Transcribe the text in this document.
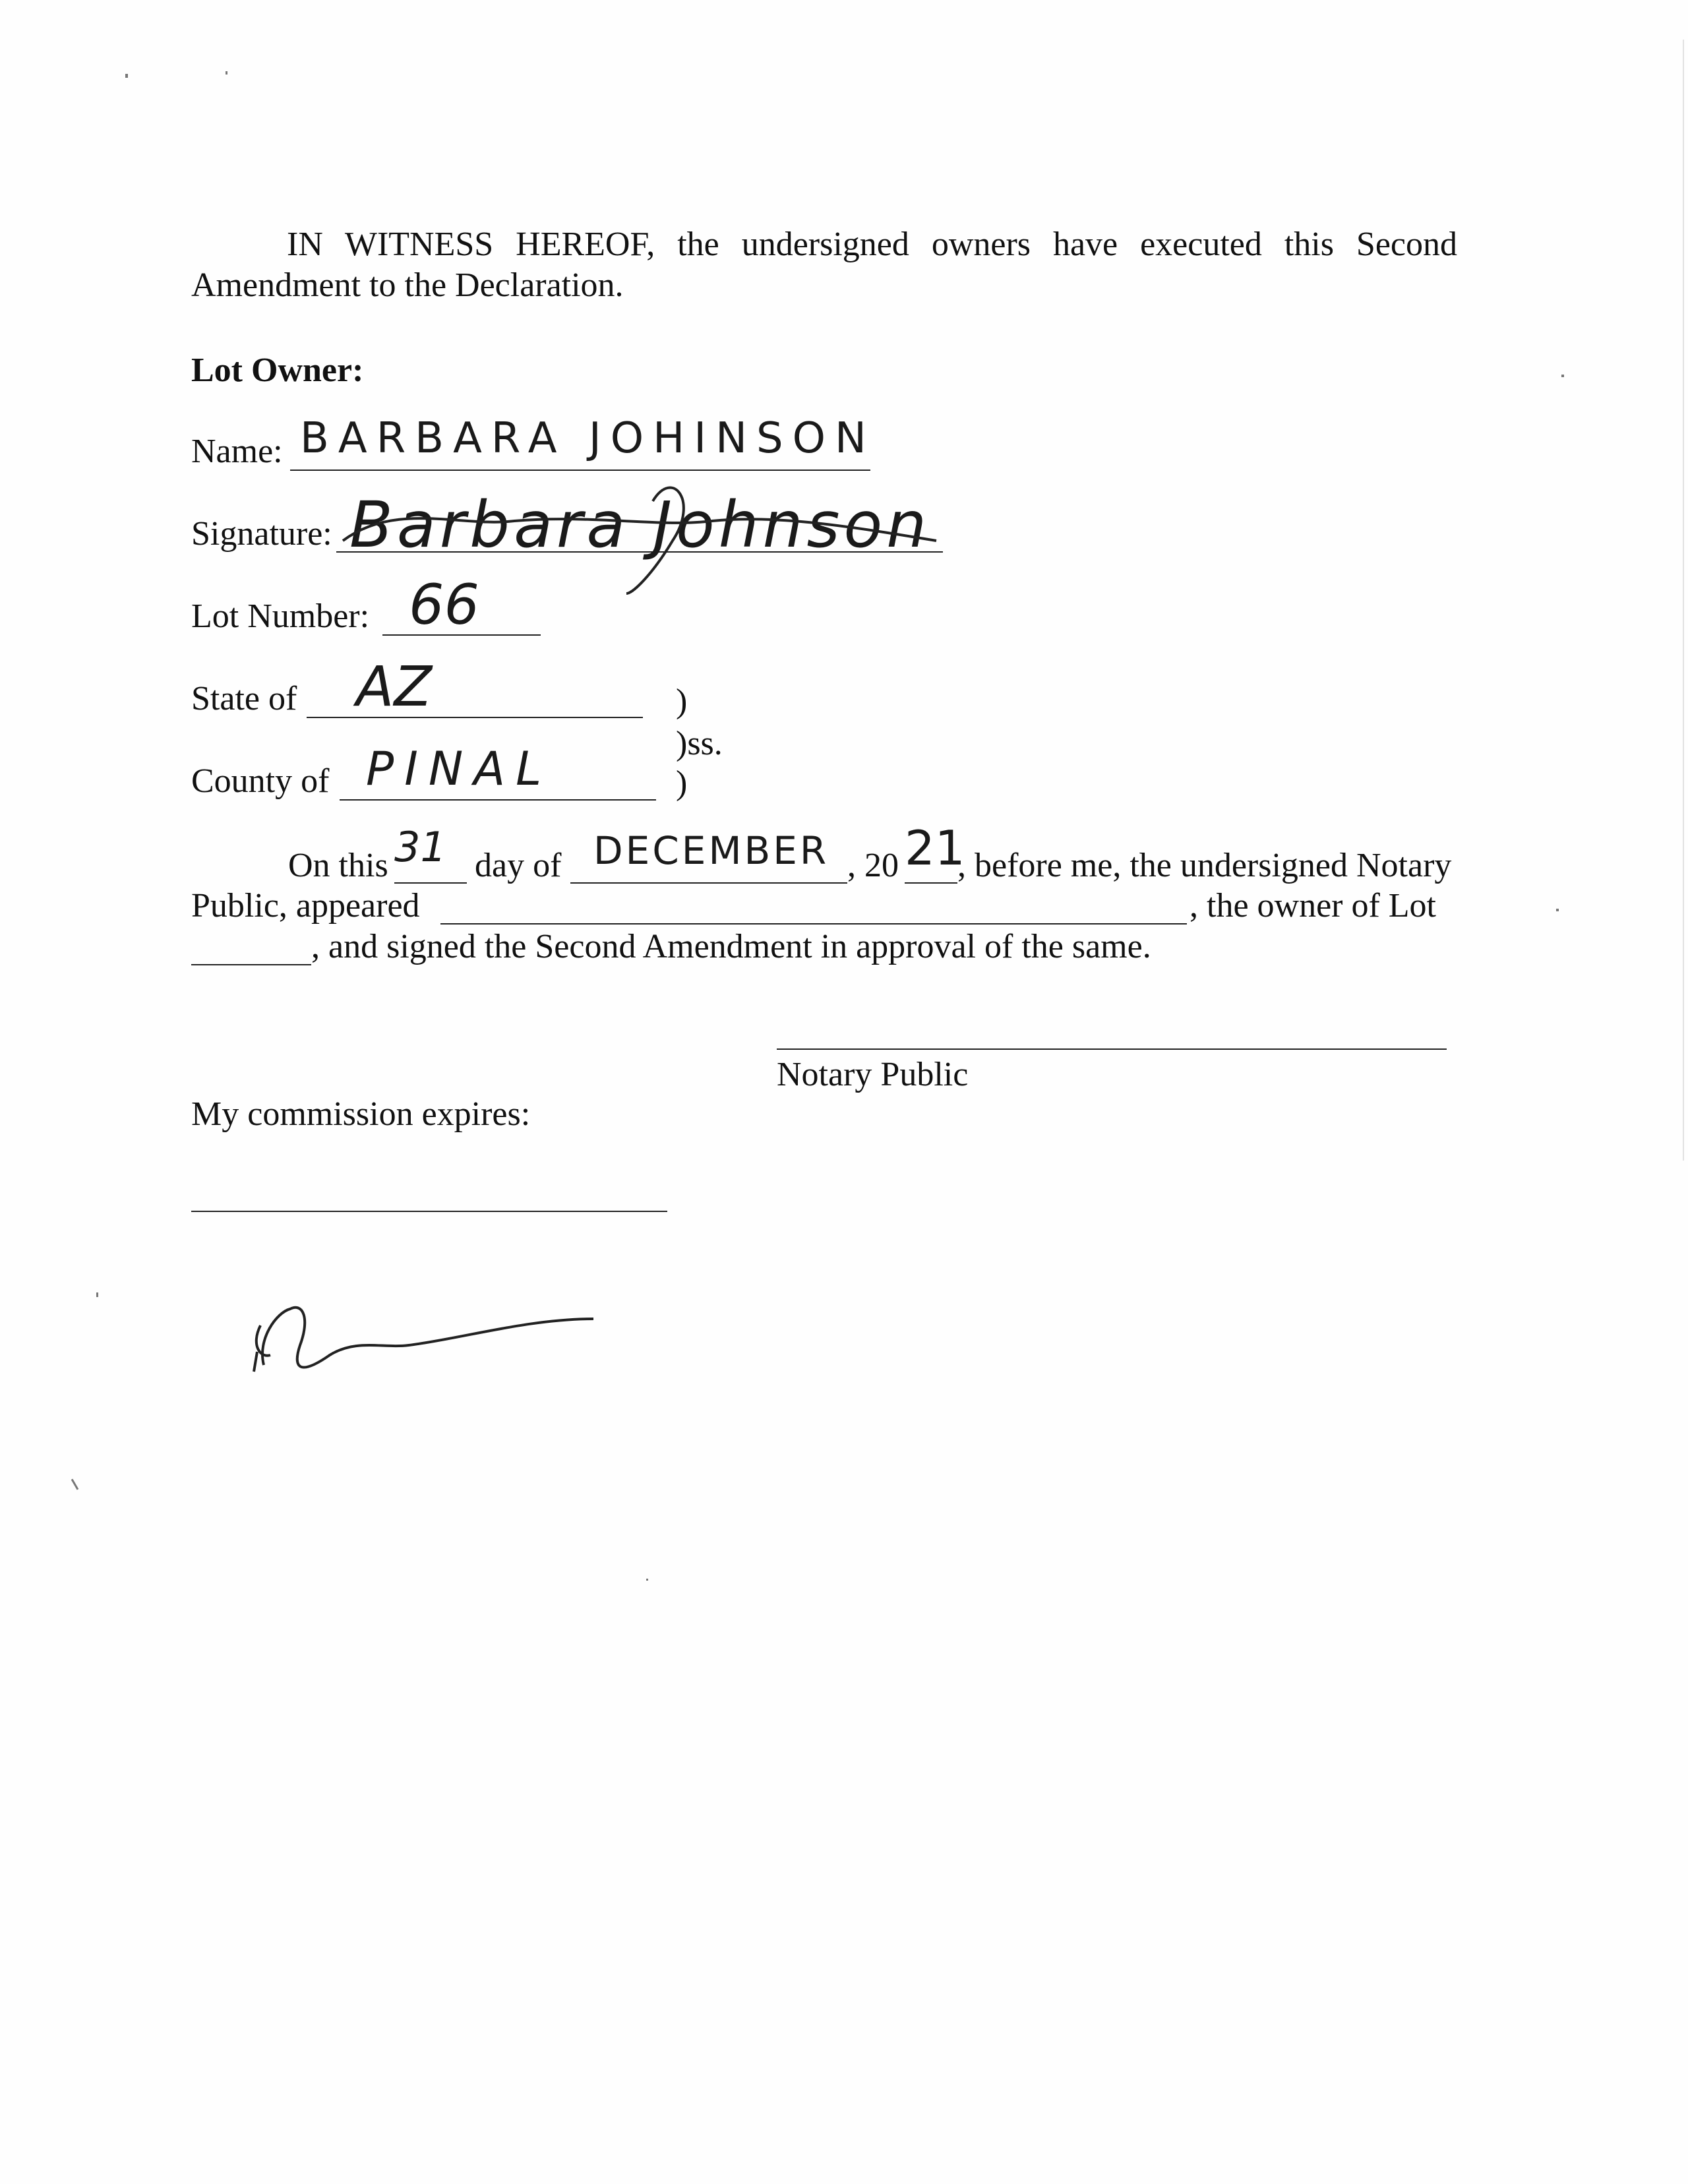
IN WITNESS HEREOF, the undersigned owners have executed this Second Amendment to the Declaration.
Lot Owner:
Name: BARBARA JOHINSON
Signature: Barbara Johnson
Lot Number: 66
State of AZ	)
)ss.
County of PINAL	)
On this 31 day of DECEMBER , 20 21
, before me, the undersigned Notary
Public, appeared	, the owner of Lot
, and signed the Second Amendment in approval of the same.
Notary Public
My commission expires:
